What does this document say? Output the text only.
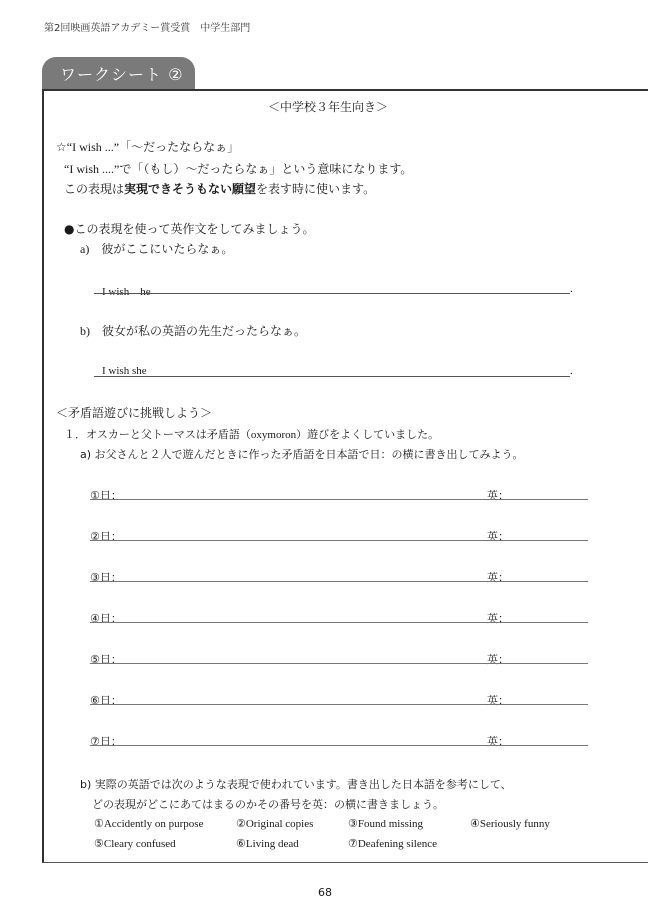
第2回映画英語アカデミー賞受賞　中学生部門
ワークシート ②
＜中学校３年生向き＞
☆“I wish ...”「～だったならなぁ」
“I wish ....”で「（もし）～だったらなぁ」という意味になります。
この表現は実現できそうもない願望を表す時に使います。
●この表現を使って英作文をしてみましょう。
a)　 彼がここにいたらなぁ。
I wish　he	.
b)　 彼女が私の英語の先生だったらなぁ。
I wish she	.
＜矛盾語遊びに挑戦しよう＞
１．オスカーと父トーマスは矛盾語（oxymoron）遊びをよくしていました。
a) お父さんと２人で遊んだときに作った矛盾語を日本語で日：の横に書き出してみよう。
①日：	英：
②日：	英：
③日：	英：
④日：	英：
⑤日：	英：
⑥日：	英：
⑦日：	英：
b) 実際の英語では次のような表現で使われています。書き出した日本語を参考にして、
どの表現がどこにあてはまるのかその番号を英：の横に書きましょう。
①Accidently on purpose	②Original copies	③Found missing	④Seriously funny
⑤Cleary confused	⑥Living dead	⑦Deafening silence
68
